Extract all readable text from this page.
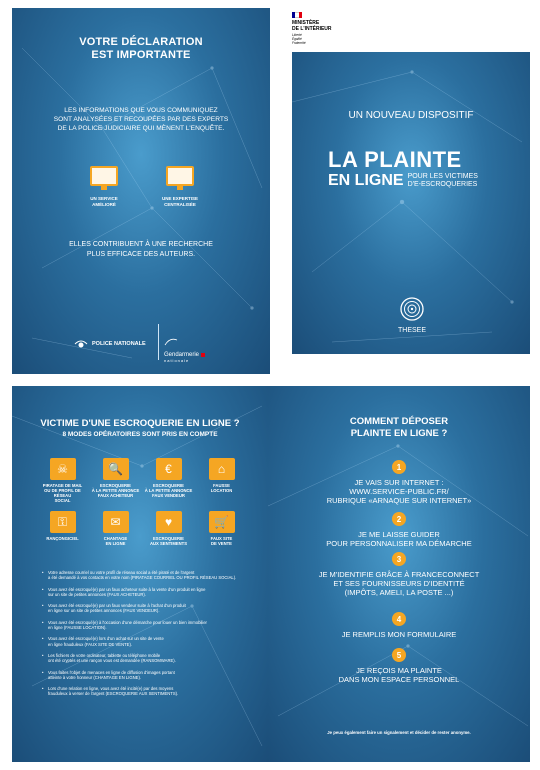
VOTRE DÉCLARATION
EST IMPORTANTE
LES INFORMATIONS QUE VOUS COMMUNIQUEZ
SONT ANALYSÉES ET RECOUPÉES PAR DES EXPERTS
DE LA POLICE JUDICIAIRE QUI MÈNENT L'ENQUÊTE.
UN SERVICE
AMÉLIORÉ
UNE EXPERTISE
CENTRALISÉE
ELLES CONTRIBUENT À UNE RECHERCHE
PLUS EFFICACE DES AUTEURS.
POLICE NATIONALE
Gendarmerie
nationale
MINISTÈRE
DE L'INTÉRIEUR
Liberté
Égalité
Fraternité
UN NOUVEAU DISPOSITIF
LA PLAINTE
EN LIGNE POUR LES VICTIMES
D'E-ESCROQUERIES
THESEE
VICTIME D'UNE ESCROQUERIE EN LIGNE ?
8 MODES OPÉRATOIRES SONT PRIS EN COMPTE
☠
PIRATAGE DE MAIL
OU DE PROFIL DE RÉSEAU
SOCIAL
🔍
ESCROQUERIE
À LA PETITE ANNONCE
FAUX ACHETEUR
€
ESCROQUERIE
À LA PETITE ANNONCE
FAUX VENDEUR
⌂
FAUSSE
LOCATION
⚿
RANÇONGICIEL
✉
CHANTAGE
EN LIGNE
♥
ESCROQUERIE
AUX SENTIMENTS
🛒
FAUX SITE
DE VENTE
• Votre adresse courriel ou votre profil de réseau social a été piraté et de l'argent
a été demandé à vos contacts en votre nom (PIRATAGE COURRIEL OU PROFIL RÉSEAU SOCIAL).
• Vous avez été escroqué(e) par un faux acheteur suite à la vente d'un produit en ligne
sur un site de petites annonces (FAUX ACHETEUR).
• Vous avez été escroqué(e) par un faux vendeur suite à l'achat d'un produit
en ligne sur un site de petites annonces (FAUX VENDEUR).
• Vous avez été escroqué(e) à l'occasion d'une démarche pour louer un bien immobilier
en ligne (FAUSSE LOCATION).
• Vous avez été escroqué(e) lors d'un achat sur un site de vente
en ligne frauduleux (FAUX SITE DE VENTE).
• Les fichiers de votre ordinateur, tablette ou téléphone mobile
ont été cryptés et une rançon vous est demandée (RANSOMWARE).
• Vous faites l'objet de menaces en ligne de diffusion d'images portant
atteinte à votre honneur (CHANTAGE EN LIGNE).
• Lors d'une relation en ligne, vous avez été incité(e) par des moyens
frauduleux à verser de l'argent (ESCROQUERIE AUX SENTIMENTS).
COMMENT DÉPOSER
PLAINTE EN LIGNE ?
1
JE VAIS SUR INTERNET :
WWW.SERVICE-PUBLIC.FR/
RUBRIQUE «ARNAQUE SUR INTERNET»
2
JE ME LAISSE GUIDER
POUR PERSONNALISER MA DÉMARCHE
3
JE M'IDENTIFIE GRÂCE À FRANCECONNECT
ET SES FOURNISSEURS D'IDENTITÉ
(IMPÔTS, AMELI, LA POSTE ...)
4
JE REMPLIS MON FORMULAIRE
5
JE REÇOIS MA PLAINTE
DANS MON ESPACE PERSONNEL
Je peux également faire un signalement et décider de rester anonyme.
